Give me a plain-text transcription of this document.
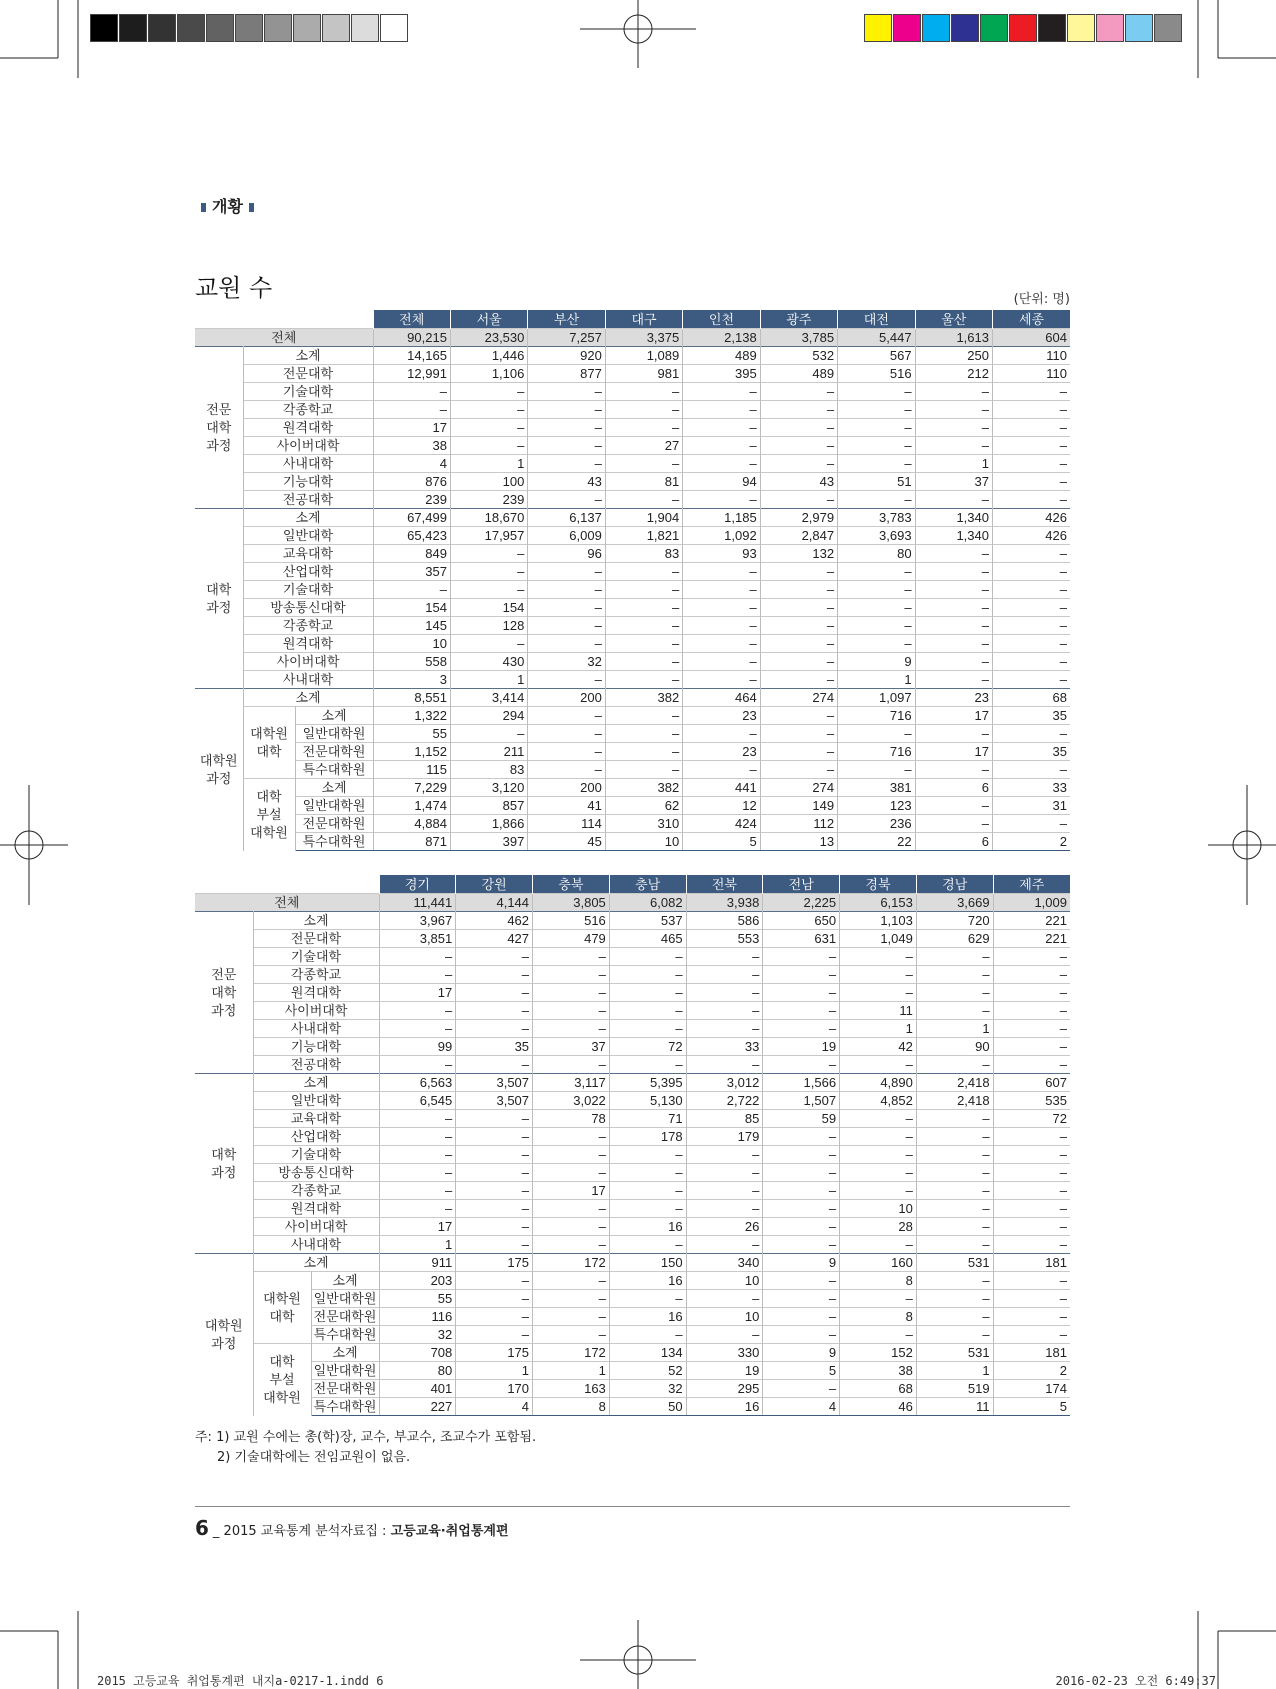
개황
교원 수	(단위: 명)
			전체	서울	부산	대구	인천	광주	대전	울산	세종
전체			90,215	23,530	7,257	3,375	2,138	3,785	5,447	1,613	604
전문
대학
과정	소계		14,165	1,446	920	1,089	489	532	567	250	110
	전문대학		12,991	1,106	877	981	395	489	516	212	110
	기술대학		–	–	–	–	–	–	–	–	–
	각종학교		–	–	–	–	–	–	–	–	–
	원격대학		17	–	–	–	–	–	–	–	–
	사이버대학		38	–	–	27	–	–	–	–	–
	사내대학		4	1	–	–	–	–	–	1	–
	기능대학		876	100	43	81	94	43	51	37	–
	전공대학		239	239	–	–	–	–	–	–	–
대학
과정	소계		67,499	18,670	6,137	1,904	1,185	2,979	3,783	1,340	426
	일반대학		65,423	17,957	6,009	1,821	1,092	2,847	3,693	1,340	426
	교육대학		849	–	96	83	93	132	80	–	–
	산업대학		357	–	–	–	–	–	–	–	–
	기술대학		–	–	–	–	–	–	–	–	–
	방송통신대학		154	154	–	–	–	–	–	–	–
	각종학교		145	128	–	–	–	–	–	–	–
	원격대학		10	–	–	–	–	–	–	–	–
	사이버대학		558	430	32	–	–	–	9	–	–
	사내대학		3	1	–	–	–	–	1	–	–
대학원
과정	소계		8,551	3,414	200	382	464	274	1,097	23	68
	대학원
대학	소계	1,322	294	–	–	23	–	716	17	35
		일반대학원	55	–	–	–	–	–	–	–	–
		전문대학원	1,152	211	–	–	23	–	716	17	35
		특수대학원	115	83	–	–	–	–	–	–	–
	대학
부설
대학원	소계	7,229	3,120	200	382	441	274	381	6	33
		일반대학원	1,474	857	41	62	12	149	123	–	31
		전문대학원	4,884	1,866	114	310	424	112	236	–	–
		특수대학원	871	397	45	10	5	13	22	6	2
			경기	강원	충북	충남	전북	전남	경북	경남	제주
전체			11,441	4,144	3,805	6,082	3,938	2,225	6,153	3,669	1,009
전문
대학
과정	소계		3,967	462	516	537	586	650	1,103	720	221
	전문대학		3,851	427	479	465	553	631	1,049	629	221
	기술대학		–	–	–	–	–	–	–	–	–
	각종학교		–	–	–	–	–	–	–	–	–
	원격대학		17	–	–	–	–	–	–	–	–
	사이버대학		–	–	–	–	–	–	11	–	–
	사내대학		–	–	–	–	–	–	1	1	–
	기능대학		99	35	37	72	33	19	42	90	–
	전공대학		–	–	–	–	–	–	–	–	–
대학
과정	소계		6,563	3,507	3,117	5,395	3,012	1,566	4,890	2,418	607
	일반대학		6,545	3,507	3,022	5,130	2,722	1,507	4,852	2,418	535
	교육대학		–	–	78	71	85	59	–	–	72
	산업대학		–	–	–	178	179	–	–	–	–
	기술대학		–	–	–	–	–	–	–	–	–
	방송통신대학		–	–	–	–	–	–	–	–	–
	각종학교		–	–	17	–	–	–	–	–	–
	원격대학		–	–	–	–	–	–	10	–	–
	사이버대학		17	–	–	16	26	–	28	–	–
	사내대학		1	–	–	–	–	–	–	–	–
대학원
과정	소계		911	175	172	150	340	9	160	531	181
	대학원
대학	소계	203	–	–	16	10	–	8	–	–
		일반대학원	55	–	–	–	–	–	–	–	–
		전문대학원	116	–	–	16	10	–	8	–	–
		특수대학원	32	–	–	–	–	–	–	–	–
	대학
부설
대학원	소계	708	175	172	134	330	9	152	531	181
		일반대학원	80	1	1	52	19	5	38	1	2
		전문대학원	401	170	163	32	295	–	68	519	174
		특수대학원	227	4	8	50	16	4	46	11	5
주: 1) 교원 수에는 총(학)장, 교수, 부교수, 조교수가 포함됨.
2) 기술대학에는 전임교원이 없음.
6 _ 2015 교육통계 분석자료집 : 고등교육·취업통계편
2015 고등교육 취업통계편 내지a-0217-1.indd 6	2016-02-23 오전 6:49:37
